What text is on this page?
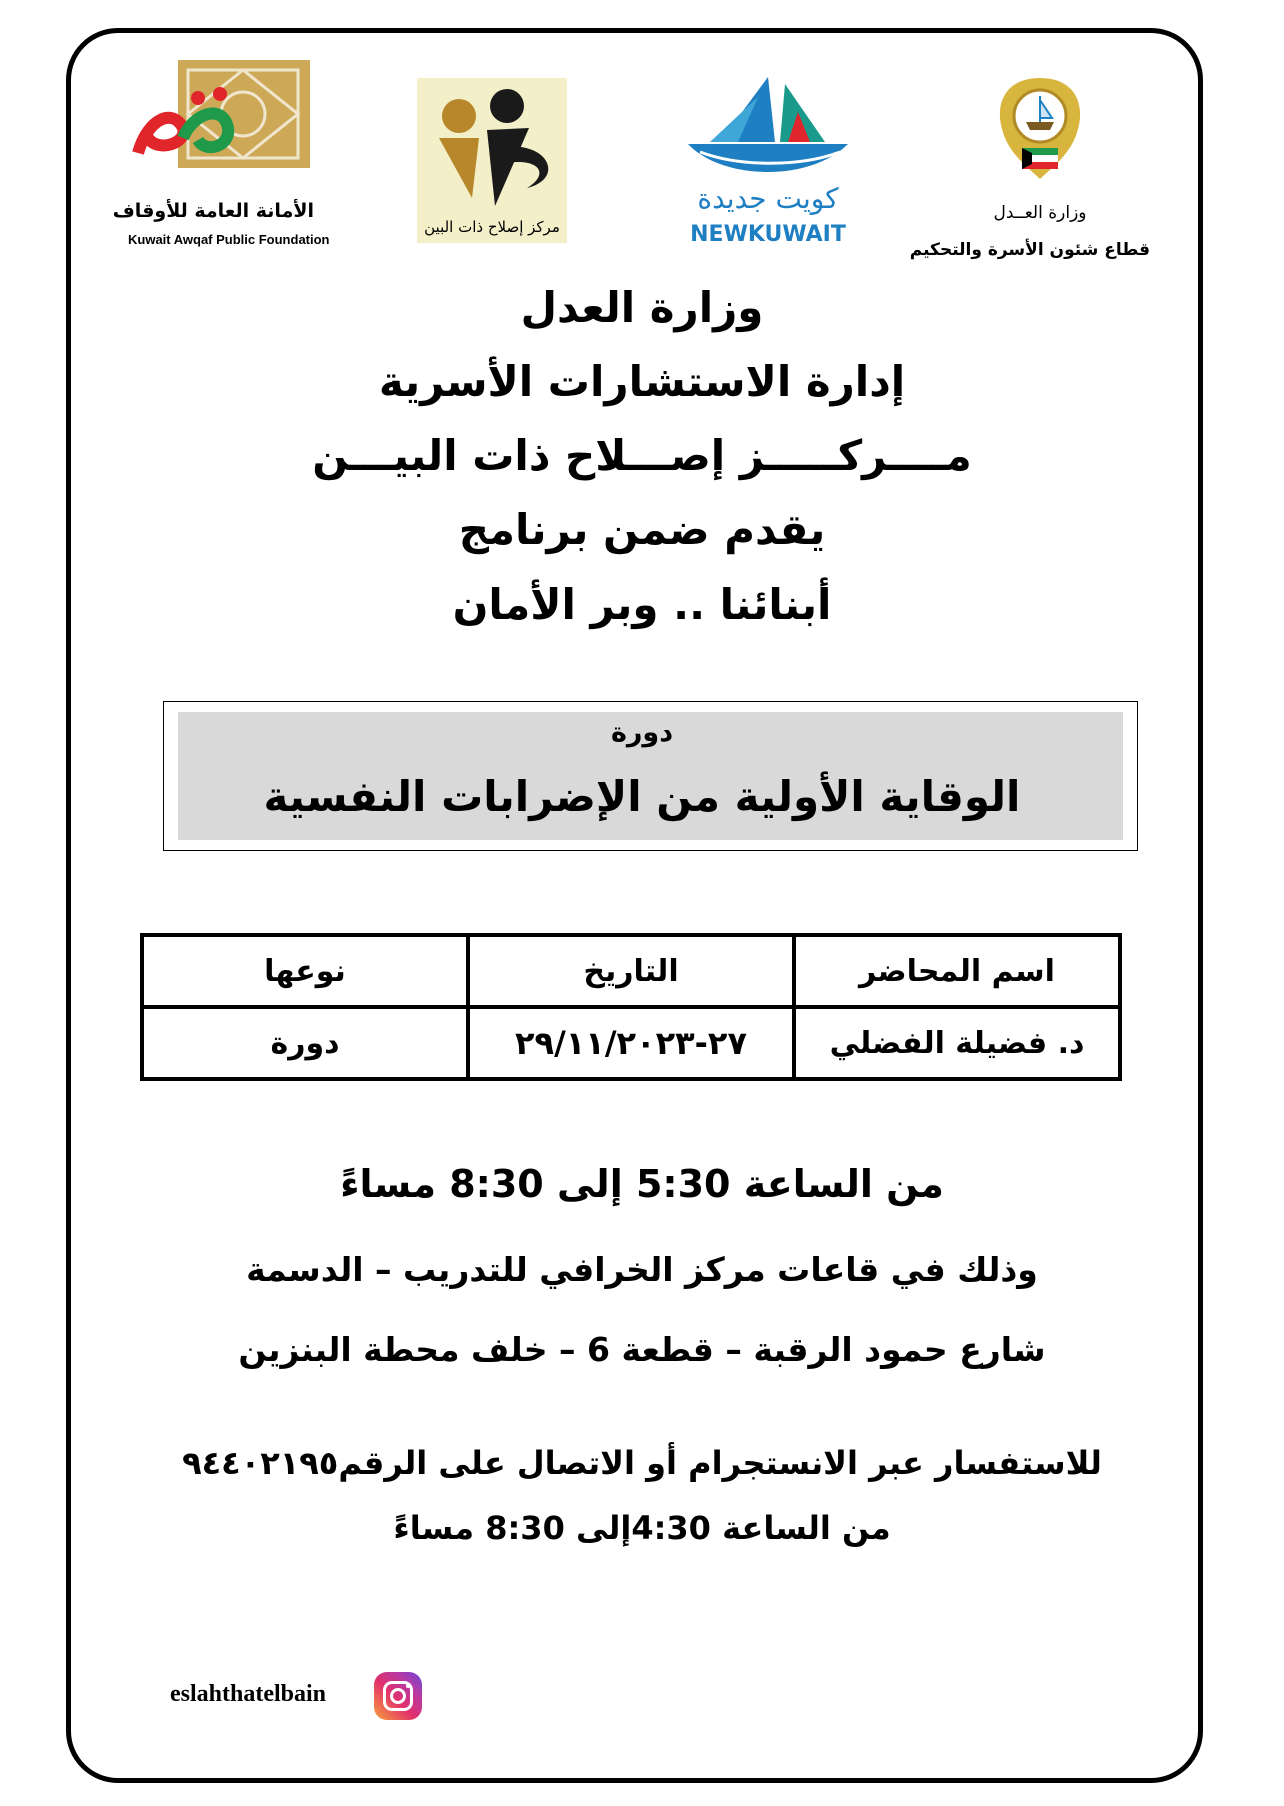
الأمانة العامة للأوقاف
Kuwait Awqaf Public Foundation
مركز إصلاح ذات البين
كويت جديدة
NEWKUWAIT
وزارة العــدل
قطاع شئون الأسرة والتحكيم
وزارة العدل
إدارة الاستشارات الأسرية
مــــركـــــز إصـــلاح ذات البيـــن
يقدم ضمن برنامج
أبنائنا .. وبر الأمان
دورة
الوقاية الأولية من الإضرابات النفسية
اسم المحاضر	التاريخ	نوعها
د. فضيلة الفضلي	٢٧-٢٩/١١/٢٠٢٣	دورة
من الساعة 5:30 إلى 8:30 مساءً
وذلك في قاعات مركز الخرافي للتدريب – الدسمة
شارع حمود الرقبة – قطعة 6 – خلف محطة البنزين
للاستفسار عبر الانستجرام أو الاتصال على الرقم٩٤٤٠٢١٩٥
من الساعة 4:30إلى 8:30 مساءً
eslahthatelbain
